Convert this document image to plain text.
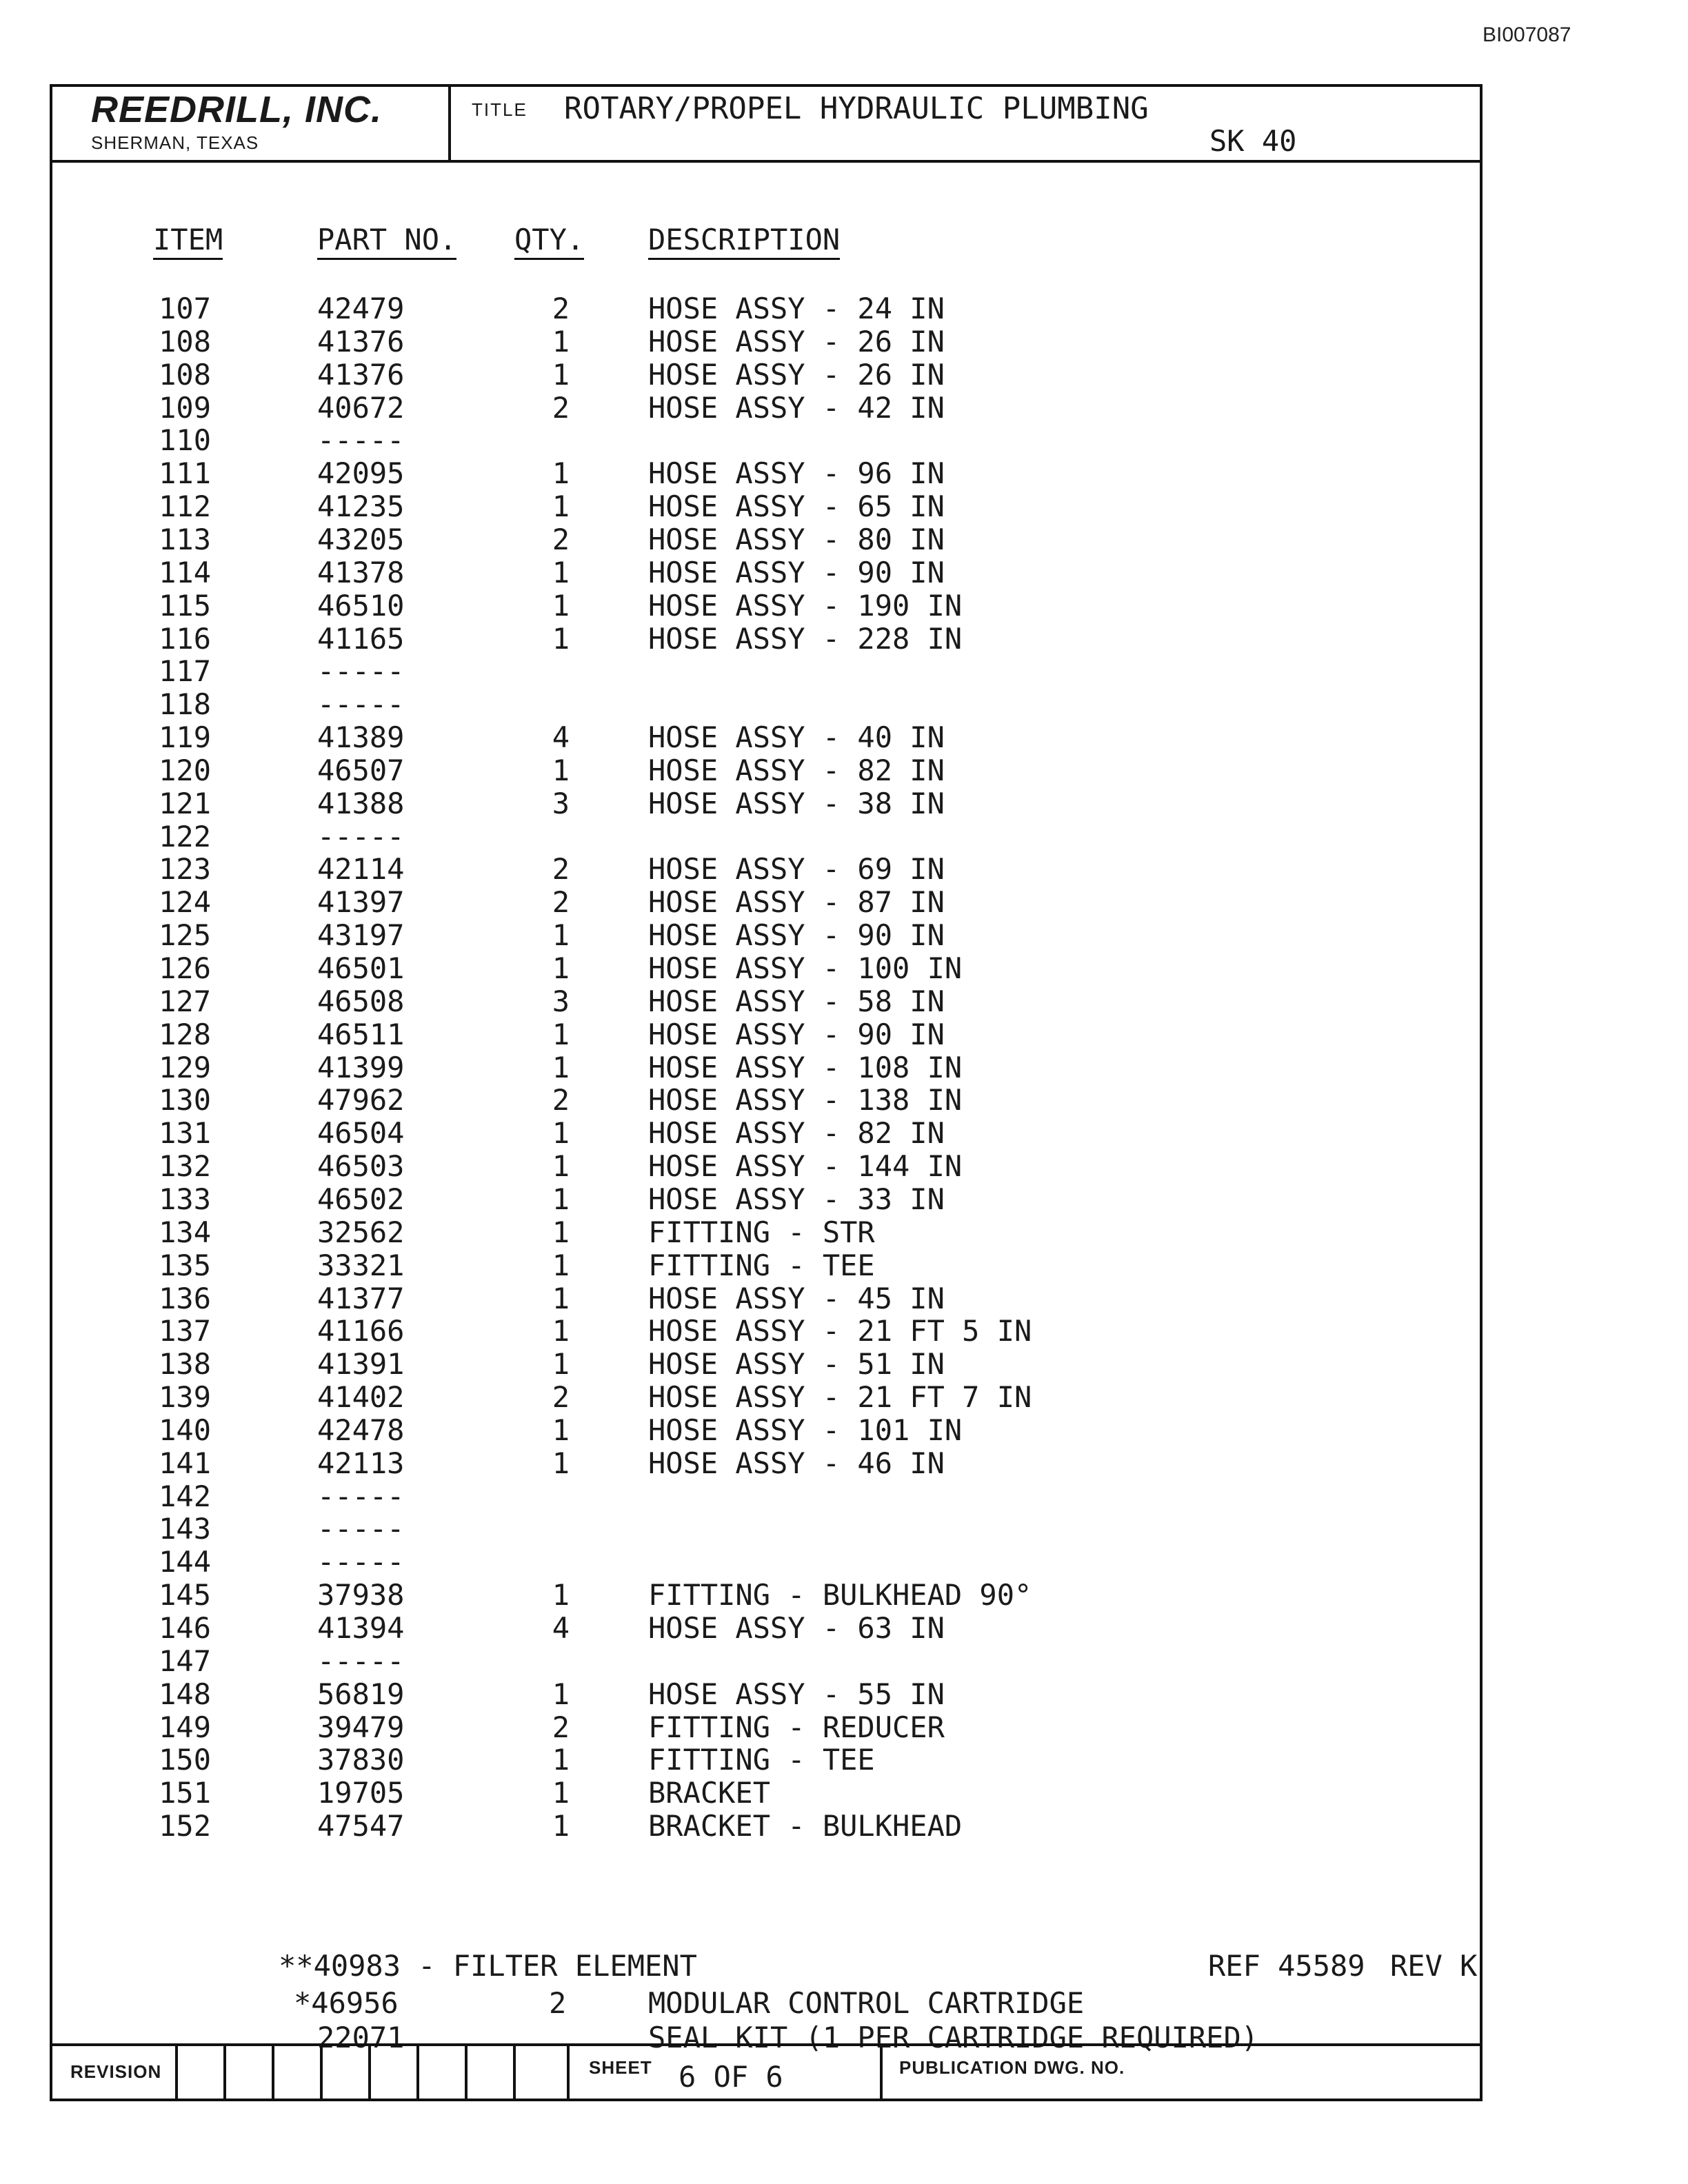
BI007087
REEDRILL, INC.
SHERMAN, TEXAS
TITLE ROTARY/PROPEL HYDRAULIC PLUMBING
SK 40
ITEM	PART NO. QTY. DESCRIPTION
107	42479	2	HOSE ASSY - 24 IN
108	41376	1	HOSE ASSY - 26 IN
108	41376	1	HOSE ASSY - 26 IN
109	40672	2	HOSE ASSY - 42 IN
110	-----
111	42095	1	HOSE ASSY - 96 IN
112	41235	1	HOSE ASSY - 65 IN
113	43205	2	HOSE ASSY - 80 IN
114	41378	1	HOSE ASSY - 90 IN
115	46510	1	HOSE ASSY - 190 IN
116	41165	1	HOSE ASSY - 228 IN
117	-----
118	-----
119	41389	4	HOSE ASSY - 40 IN
120	46507	1	HOSE ASSY - 82 IN
121	41388	3	HOSE ASSY - 38 IN
122	-----
123	42114	2	HOSE ASSY - 69 IN
124	41397	2	HOSE ASSY - 87 IN
125	43197	1	HOSE ASSY - 90 IN
126	46501	1	HOSE ASSY - 100 IN
127	46508	3	HOSE ASSY - 58 IN
128	46511	1	HOSE ASSY - 90 IN
129	41399	1	HOSE ASSY - 108 IN
130	47962	2	HOSE ASSY - 138 IN
131	46504	1	HOSE ASSY - 82 IN
132	46503	1	HOSE ASSY - 144 IN
133	46502	1	HOSE ASSY - 33 IN
134	32562	1	FITTING - STR
135	33321	1	FITTING - TEE
136	41377	1	HOSE ASSY - 45 IN
137	41166	1	HOSE ASSY - 21 FT 5 IN
138	41391	1	HOSE ASSY - 51 IN
139	41402	2	HOSE ASSY - 21 FT 7 IN
140	42478	1	HOSE ASSY - 101 IN
141	42113	1	HOSE ASSY - 46 IN
142	-----
143	-----
144	-----
145	37938	1	FITTING - BULKHEAD 90°
146	41394	4	HOSE ASSY - 63 IN
147	-----
148	56819	1	HOSE ASSY - 55 IN
149	39479	2	FITTING - REDUCER
150	37830	1	FITTING - TEE
151	19705	1	BRACKET
152	47547	1	BRACKET - BULKHEAD
**40983 - FILTER ELEMENT	REF 45589 REV K
*46956	2	MODULAR CONTROL CARTRIDGE
22071	SEAL KIT (1 PER CARTRIDGE REQUIRED)
REVISION	SHEET 6 OF 6	PUBLICATION DWG. NO.
